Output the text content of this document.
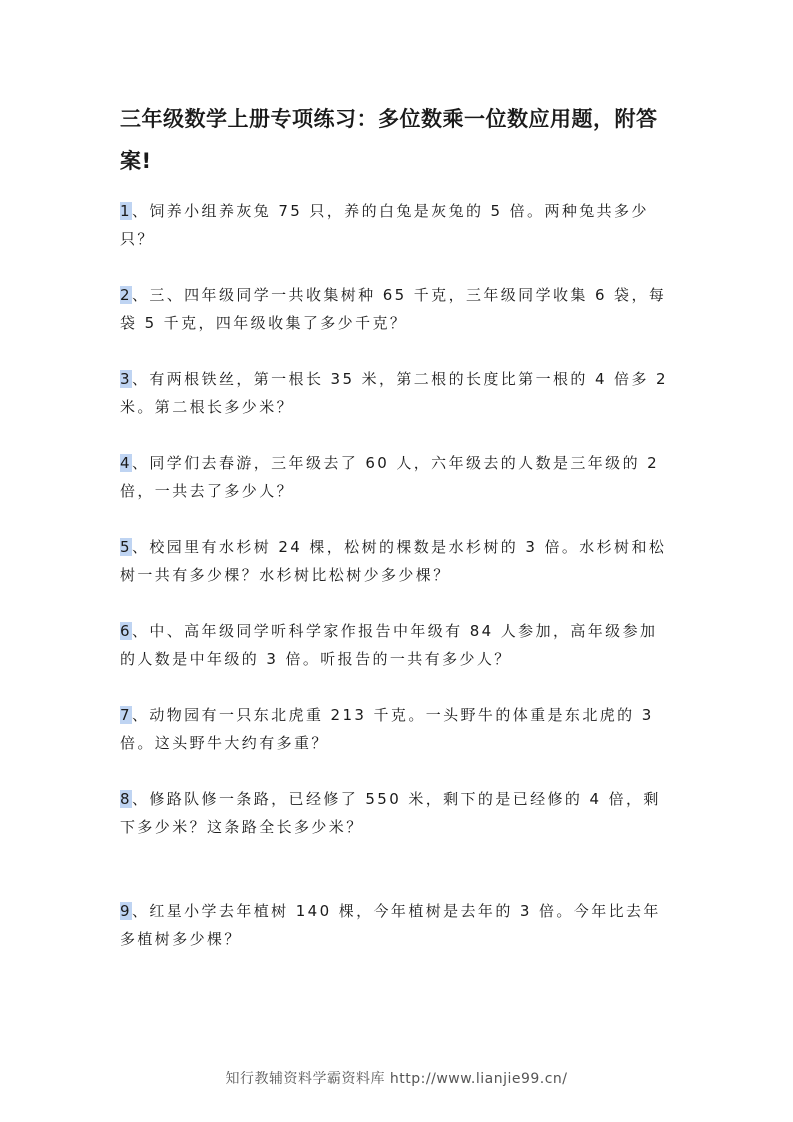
三年级数学上册专项练习：多位数乘一位数应用题，附答案!

1、饲养小组养灰兔 75 只，养的白兔是灰兔的 5 倍。两种兔共多少只？

2、三、四年级同学一共收集树种 65 千克，三年级同学收集 6 袋，每袋 5 千克，四年级收集了多少千克？

3、有两根铁丝，第一根长 35 米，第二根的长度比第一根的 4 倍多 2 米。第二根长多少米？

4、同学们去春游，三年级去了 60 人，六年级去的人数是三年级的 2 倍，一共去了多少人？

5、校园里有水杉树 24 棵，松树的棵数是水杉树的 3 倍。水杉树和松树一共有多少棵？水杉树比松树少多少棵？

6、中、高年级同学听科学家作报告中年级有 84 人参加，高年级参加的人数是中年级的 3 倍。听报告的一共有多少人？

7、动物园有一只东北虎重 213 千克。一头野牛的体重是东北虎的 3 倍。这头野牛大约有多重？

8、修路队修一条路，已经修了 550 米，剩下的是已经修的 4 倍，剩下多少米？这条路全长多少米？

9、红星小学去年植树 140 棵，今年植树是去年的 3 倍。今年比去年多植树多少棵？

知行教辅资料学霸资料库 http://www.lianjie99.cn/
